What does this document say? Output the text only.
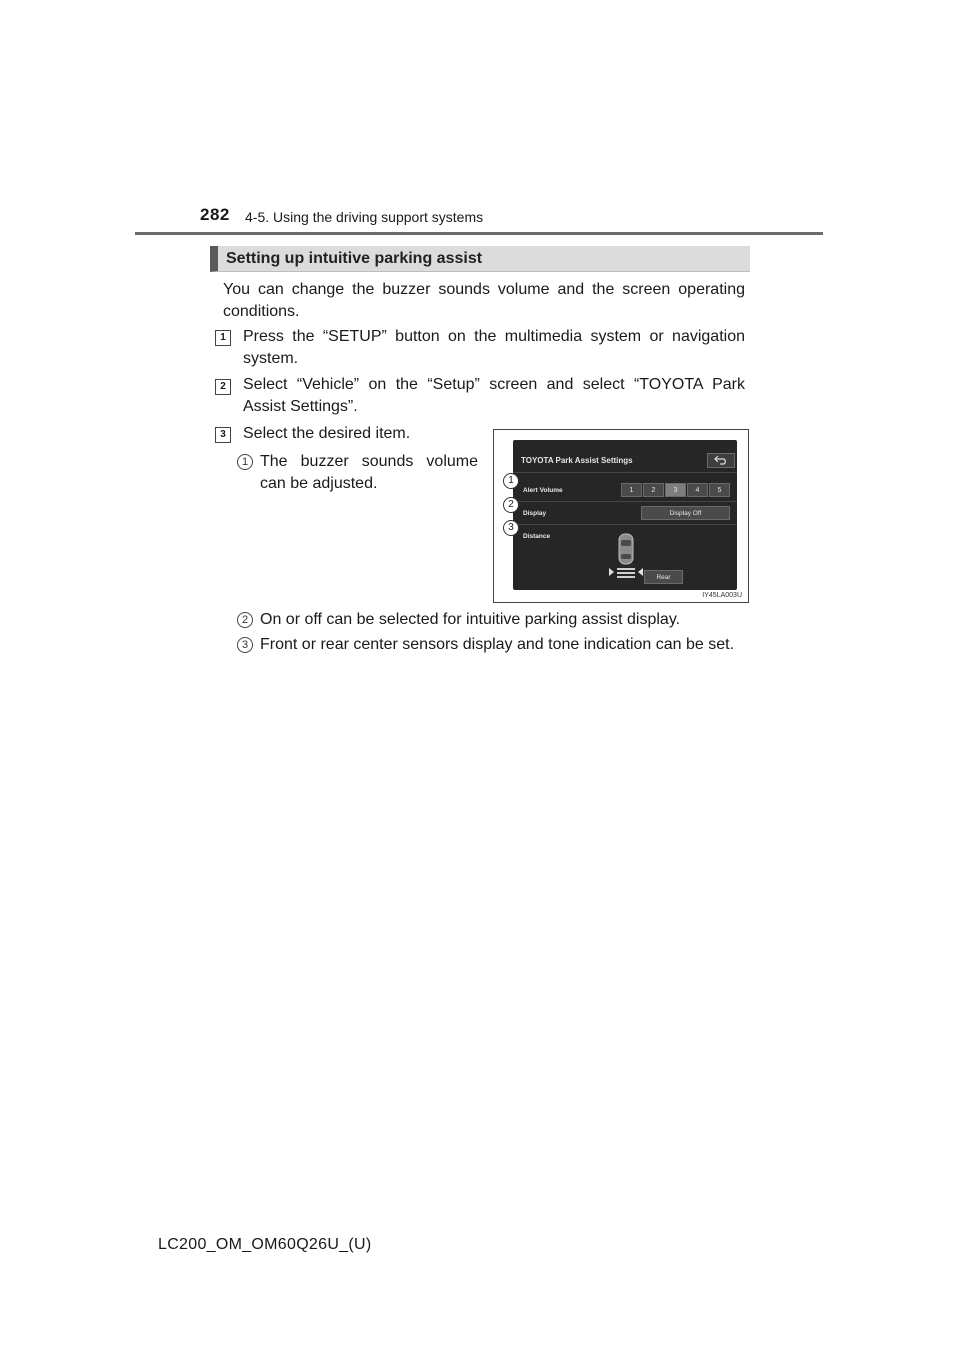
282 4-5. Using the driving support systems
Setting up intuitive parking assist
You can change the buzzer sounds volume and the screen operating conditions.
1	Press the “SETUP” button on the multimedia system or navigation system.
2	Select “Vehicle” on the “Setup” screen and select “TOYOTA Park Assist Settings”.
3	Select the desired item.
1 The buzzer sounds volume can be adjusted.
2 On or off can be selected for intuitive parking assist display.
3 Front or rear center sensors display and tone indication can be set.
TOYOTA Park Assist Settings
Alert Volume	1	2	3	4	5
Display	Display Off
Distance
Rear
1
2
3
IY45LA003U
LC200_OM_OM60Q26U_(U)
